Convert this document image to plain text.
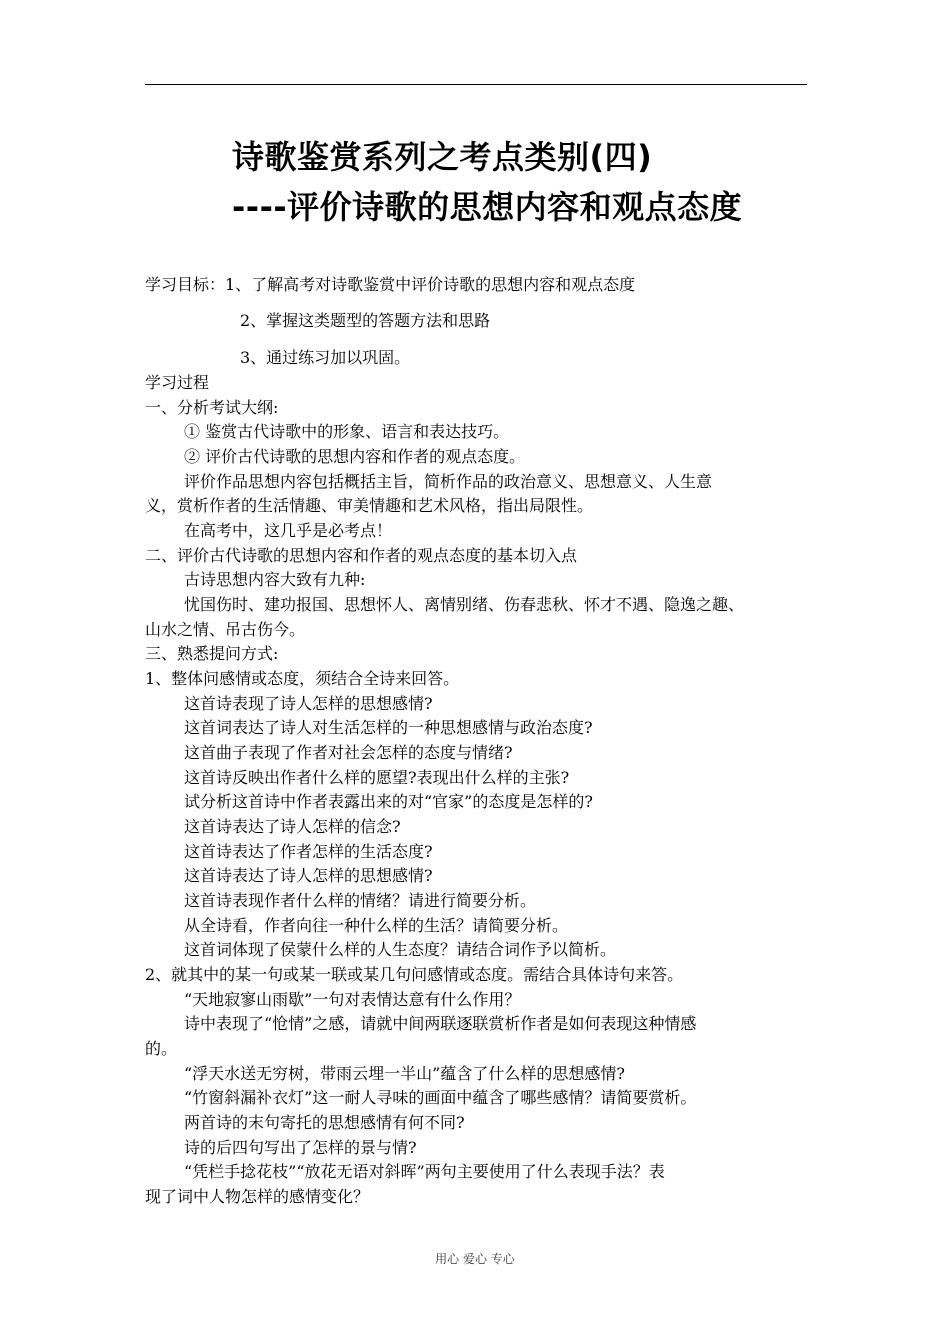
诗歌鉴赏系列之考点类别(四)
----评价诗歌的思想内容和观点态度
学习目标：1、了解高考对诗歌鉴赏中评价诗歌的思想内容和观点态度
2、掌握这类题型的答题方法和思路
3、通过练习加以巩固。
学习过程
一、分析考试大纲:
① 鉴赏古代诗歌中的形象、语言和表达技巧。
② 评价古代诗歌的思想内容和作者的观点态度。
评价作品思想内容包括概括主旨，简析作品的政治意义、思想意义、人生意
义，赏析作者的生活情趣、审美情趣和艺术风格，指出局限性。
在高考中，这几乎是必考点！
二、评价古代诗歌的思想内容和作者的观点态度的基本切入点
古诗思想内容大致有九种:
忧国伤时、建功报国、思想怀人、离情别绪、伤春悲秋、怀才不遇、隐逸之趣、
山水之情、吊古伤今。
三、熟悉提问方式:
1、整体问感情或态度，须结合全诗来回答。
这首诗表现了诗人怎样的思想感情?
这首词表达了诗人对生活怎样的一种思想感情与政治态度?
这首曲子表现了作者对社会怎样的态度与情绪?
这首诗反映出作者什么样的愿望?表现出什么样的主张?
试分析这首诗中作者表露出来的对“官家”的态度是怎样的?
这首诗表达了诗人怎样的信念?
这首诗表达了作者怎样的生活态度?
这首诗表达了诗人怎样的思想感情?
这首诗表现作者什么样的情绪？请进行简要分析。
从全诗看，作者向往一种什么样的生活？请简要分析。
这首词体现了侯蒙什么样的人生态度？请结合词作予以简析。
2、就其中的某一句或某一联或某几句问感情或态度。需结合具体诗句来答。
“天地寂寥山雨歇”一句对表情达意有什么作用？
诗中表现了“怆情”之感，请就中间两联逐联赏析作者是如何表现这种情感
的。
“浮天水送无穷树，带雨云埋一半山”蕴含了什么样的思想感情?
“竹窗斜漏补衣灯”这一耐人寻味的画面中蕴含了哪些感情？请简要赏析。
两首诗的末句寄托的思想感情有何不同?
诗的后四句写出了怎样的景与情?
“凭栏手捻花枝”“放花无语对斜晖”两句主要使用了什么表现手法？表
现了词中人物怎样的感情变化？
用心 爱心 专心
